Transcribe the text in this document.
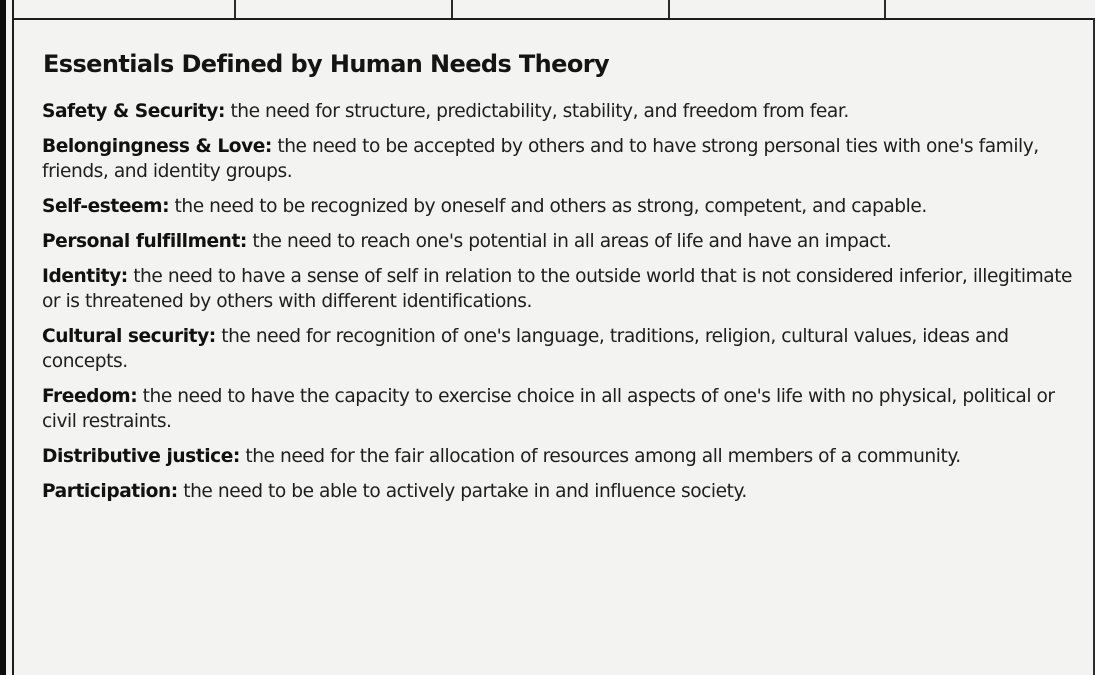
Essentials Defined by Human Needs Theory

Safety & Security: the need for structure, predictability, stability, and freedom from fear.

Belongingness & Love: the need to be accepted by others and to have strong personal ties with one's family, friends, and identity groups.

Self-esteem: the need to be recognized by oneself and others as strong, competent, and capable.

Personal fulfillment: the need to reach one's potential in all areas of life and have an impact.

Identity: the need to have a sense of self in relation to the outside world that is not considered inferior, illegitimate or is threatened by others with different identifications.

Cultural security: the need for recognition of one's language, traditions, religion, cultural values, ideas and concepts.

Freedom: the need to have the capacity to exercise choice in all aspects of one's life with no physical, political or civil restraints.

Distributive justice: the need for the fair allocation of resources among all members of a community.

Participation: the need to be able to actively partake in and influence society.
